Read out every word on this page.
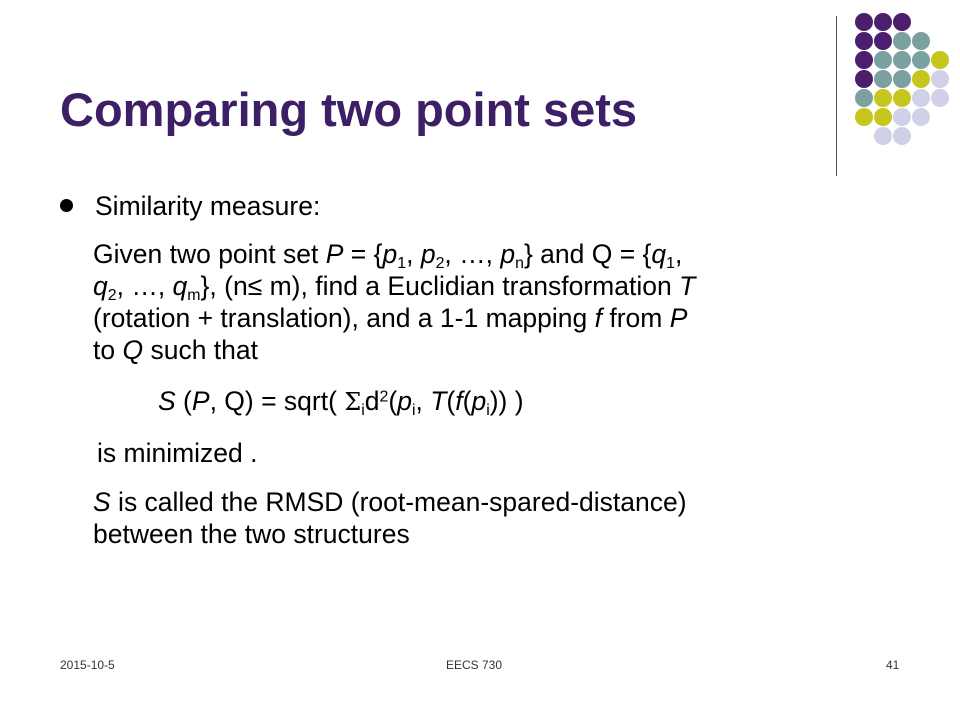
Comparing two point sets
Similarity measure:
Given two point set $P = \{p_1$, $p_2$, …, $p_n$} and $Q = \{q_1$,
$q_2$, …, $q_m$}, (n≤ m), find a Euclidian transformation T
(rotation + translation), and a 1-1 mapping f from P
to Q such that
S (P, Q) = sqrt( $\Sigma_id^2(p_i$, $T(f(p_i))$ )
is minimized .
S is called the RMSD (root-mean-spared-distance)
between the two structures
2015-10-5	EECS 730	41
